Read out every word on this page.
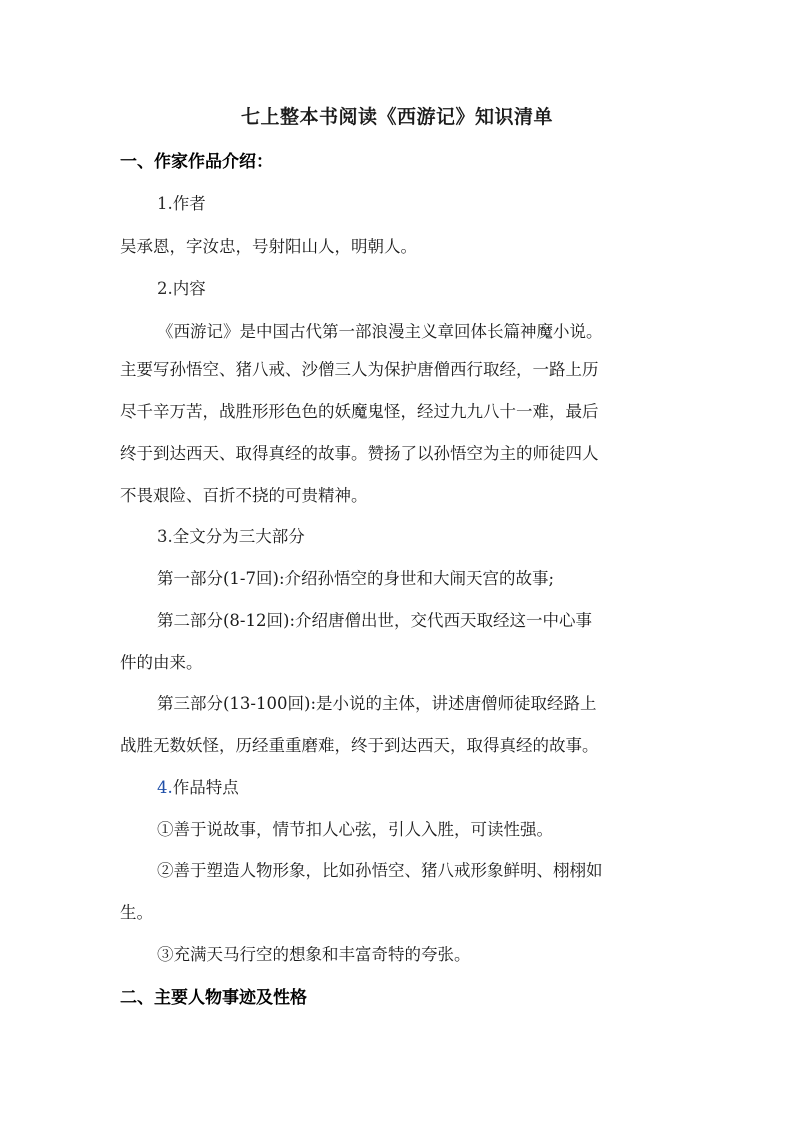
七上整本书阅读《西游记》知识清单
一、作家作品介绍：
1.作者
吴承恩，字汝忠，号射阳山人，明朝人。
2.内容
《西游记》是中国古代第一部浪漫主义章回体长篇神魔小说。
主要写孙悟空、猪八戒、沙僧三人为保护唐僧西行取经，一路上历
尽千辛万苦，战胜形形色色的妖魔鬼怪，经过九九八十一难，最后
终于到达西天、取得真经的故事。赞扬了以孙悟空为主的师徒四人
不畏艰险、百折不挠的可贵精神。
3.全文分为三大部分
第一部分(1-7回):介绍孙悟空的身世和大闹天宫的故事;
第二部分(8-12回):介绍唐僧出世，交代西天取经这一中心事
件的由来。
第三部分(13-100回):是小说的主体，讲述唐僧师徒取经路上
战胜无数妖怪，历经重重磨难，终于到达西天，取得真经的故事。
4.作品特点
①善于说故事，情节扣人心弦，引人入胜，可读性强。
②善于塑造人物形象，比如孙悟空、猪八戒形象鲜明、栩栩如
生。
③充满天马行空的想象和丰富奇特的夸张。
二、主要人物事迹及性格
